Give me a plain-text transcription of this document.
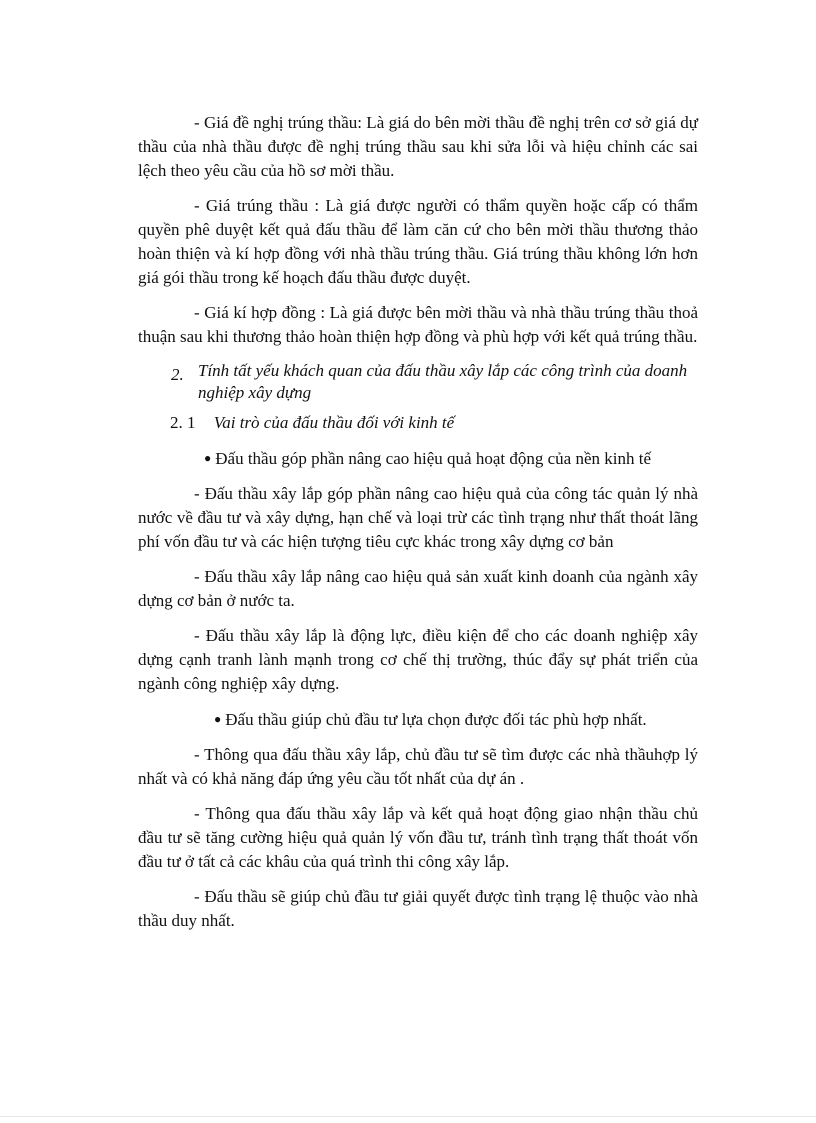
- Giá đề nghị trúng thầu: Là giá do bên mời thầu đề nghị trên cơ sở giá dự thầu của nhà thầu được đề nghị trúng thầu sau khi sửa lỗi và hiệu chỉnh các sai lệch theo yêu cầu của hồ sơ mời thầu.

- Giá trúng thầu : Là giá được người có thẩm quyền hoặc cấp có thẩm quyền phê duyệt kết quả đấu thầu để làm căn cứ cho bên mời thầu thương thảo hoàn thiện và kí hợp đồng với nhà thầu trúng thầu. Giá trúng thầu không lớn hơn giá gói thầu trong kế hoạch đấu thầu được duyệt.

- Giá kí hợp đồng : Là giá được bên mời thầu và nhà thầu trúng thầu thoả thuận sau khi thương thảo hoàn thiện hợp đồng và phù hợp với kết quả trúng thầu.

2. Tính tất yếu khách quan của đấu thầu xây lắp các công trình của doanh nghiệp xây dựng
2. 1 Vai trò của đấu thầu đối với kinh tế

● Đấu thầu góp phần nâng cao hiệu quả hoạt động của nền kinh tế

- Đấu thầu xây lắp góp phần nâng cao hiệu quả của công tác quản lý nhà nước về đầu tư và xây dựng, hạn chế và loại trừ các tình trạng như thất thoát lãng phí vốn đầu tư và các hiện tượng tiêu cực khác trong xây dựng cơ bản

- Đấu thầu xây lắp nâng cao hiệu quả sản xuất kinh doanh của ngành xây dựng cơ bản ở nước ta.

- Đấu thầu xây lắp là động lực, điều kiện để cho các doanh nghiệp xây dựng cạnh tranh lành mạnh trong cơ chế thị trường, thúc đẩy sự phát triển của ngành công nghiệp xây dựng.

● Đấu thầu giúp chủ đầu tư lựa chọn được đối tác phù hợp nhất.

- Thông qua đấu thầu xây lắp, chủ đầu tư sẽ tìm được các nhà thầuhợp lý nhất và có khả năng đáp ứng yêu cầu tốt nhất của dự án .

- Thông qua đấu thầu xây lắp và kết quả hoạt động giao nhận thầu chủ đầu tư sẽ tăng cường hiệu quả quản lý vốn đầu tư, tránh tình trạng thất thoát vốn đầu tư ở tất cả các khâu của quá trình thi công xây lắp.

- Đấu thầu sẽ giúp chủ đầu tư giải quyết được tình trạng lệ thuộc vào nhà thầu duy nhất.
